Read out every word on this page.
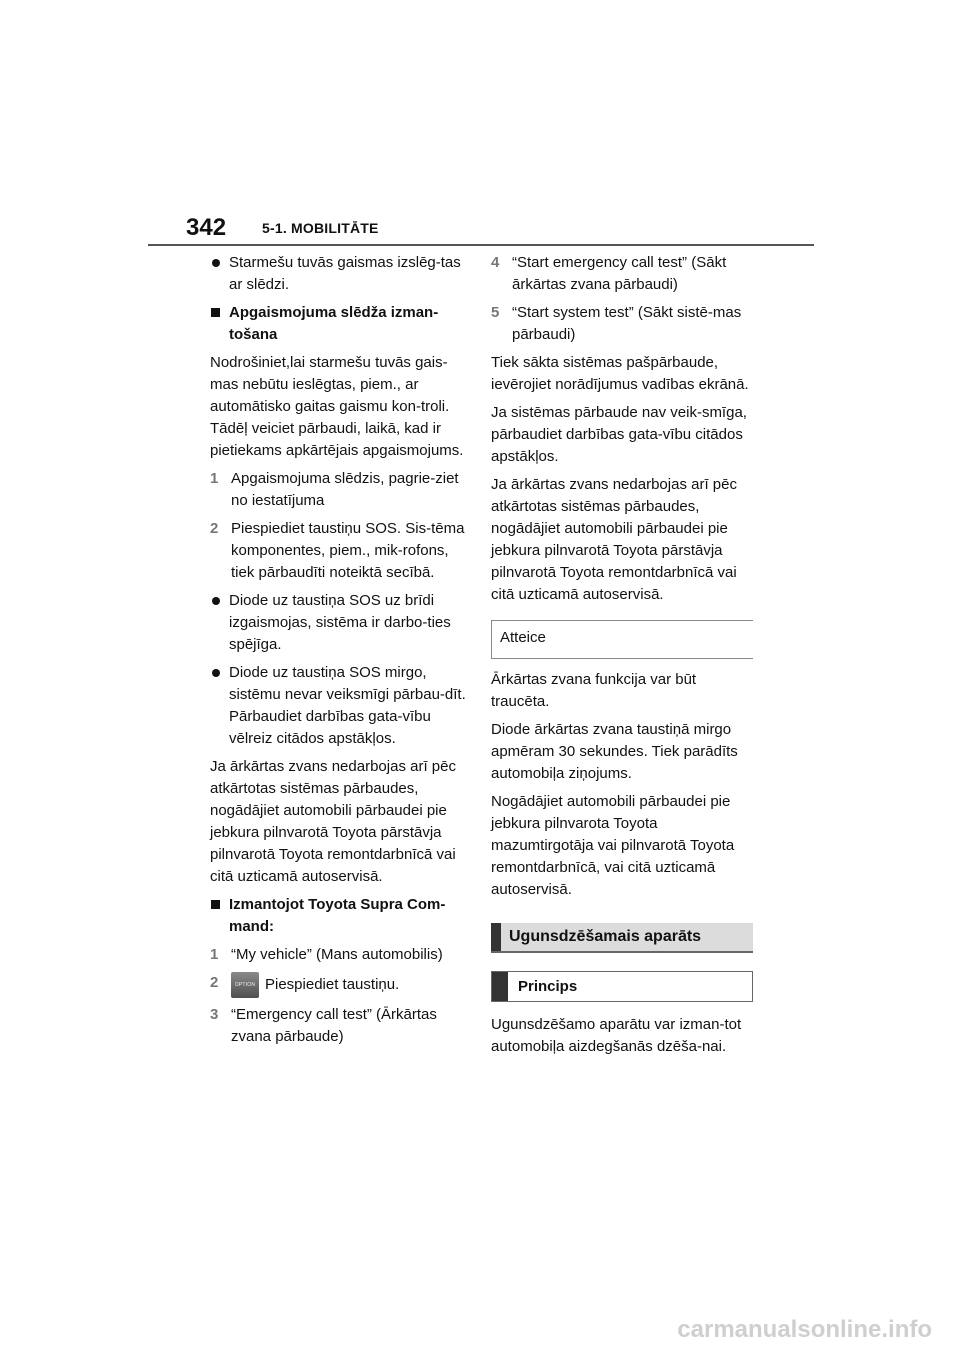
342	5-1. MOBILITĀTE
Starmešu tuvās gaismas izslēg-tas ar slēdzi.
Apgaismojuma slēdža izman-tošana

Nodrošiniet,lai starmešu tuvās gais-mas nebūtu ieslēgtas, piem., ar automātisko gaitas gaismu kon-troli. Tādēļ veiciet pārbaudi, laikā, kad ir pietiekams apkārtējais apgaismojums.

1 Apgaismojuma slēdzis, pagrie-ziet no iestatījuma
2 Piespiediet taustiņu SOS. Sis-tēma komponentes, piem., mik-rofons, tiek pārbaudīti noteiktā secībā.
Diode uz taustiņa SOS uz brīdi izgaismojas, sistēma ir darbo-ties spējīga.
Diode uz taustiņa SOS mirgo, sistēmu nevar veiksmīgi pārbau-dīt. Pārbaudiet darbības gata-vību vēlreiz citādos apstākļos.

Ja ārkārtas zvans nedarbojas arī pēc atkārtotas sistēmas pārbaudes, nogādājiet automobili pārbaudei pie jebkura pilnvarotā Toyota pārstāvja pilnvarotā Toyota remontdarbnīcā vai citā uzticamā autoservisā.

Izmantojot Toyota Supra Com-mand:
1 “My vehicle” (Mans automobilis)
2	OPTION Piespiediet taustiņu.
3 “Emergency call test” (Ārkārtas zvana pārbaude)
4 “Start emergency call test” (Sākt ārkārtas zvana pārbaudi)
5 “Start system test” (Sākt sistē-mas pārbaudi)

Tiek sākta sistēmas pašpārbaude, ievērojiet norādījumus vadības ekrānā.

Ja sistēmas pārbaude nav veik-smīga, pārbaudiet darbības gata-vību citādos apstākļos.

Ja ārkārtas zvans nedarbojas arī pēc atkārtotas sistēmas pārbaudes, nogādājiet automobili pārbaudei pie jebkura pilnvarotā Toyota pārstāvja pilnvarotā Toyota remontdarbnīcā vai citā uzticamā autoservisā.

Atteice

Ārkārtas zvana funkcija var būt traucēta.

Diode ārkārtas zvana taustiņā mirgo apmēram 30 sekundes. Tiek parādīts automobiļa ziņojums.

Nogādājiet automobili pārbaudei pie jebkura pilnvarota Toyota mazumtirgotāja vai pilnvarotā Toyota remontdarbnīcā, vai citā uzticamā autoservisā.

Ugunsdzēšamais aparāts
Princips

Ugunsdzēšamo aparātu var izman-tot automobiļa aizdegšanās dzēša-nai.

carmanualsonline.info
